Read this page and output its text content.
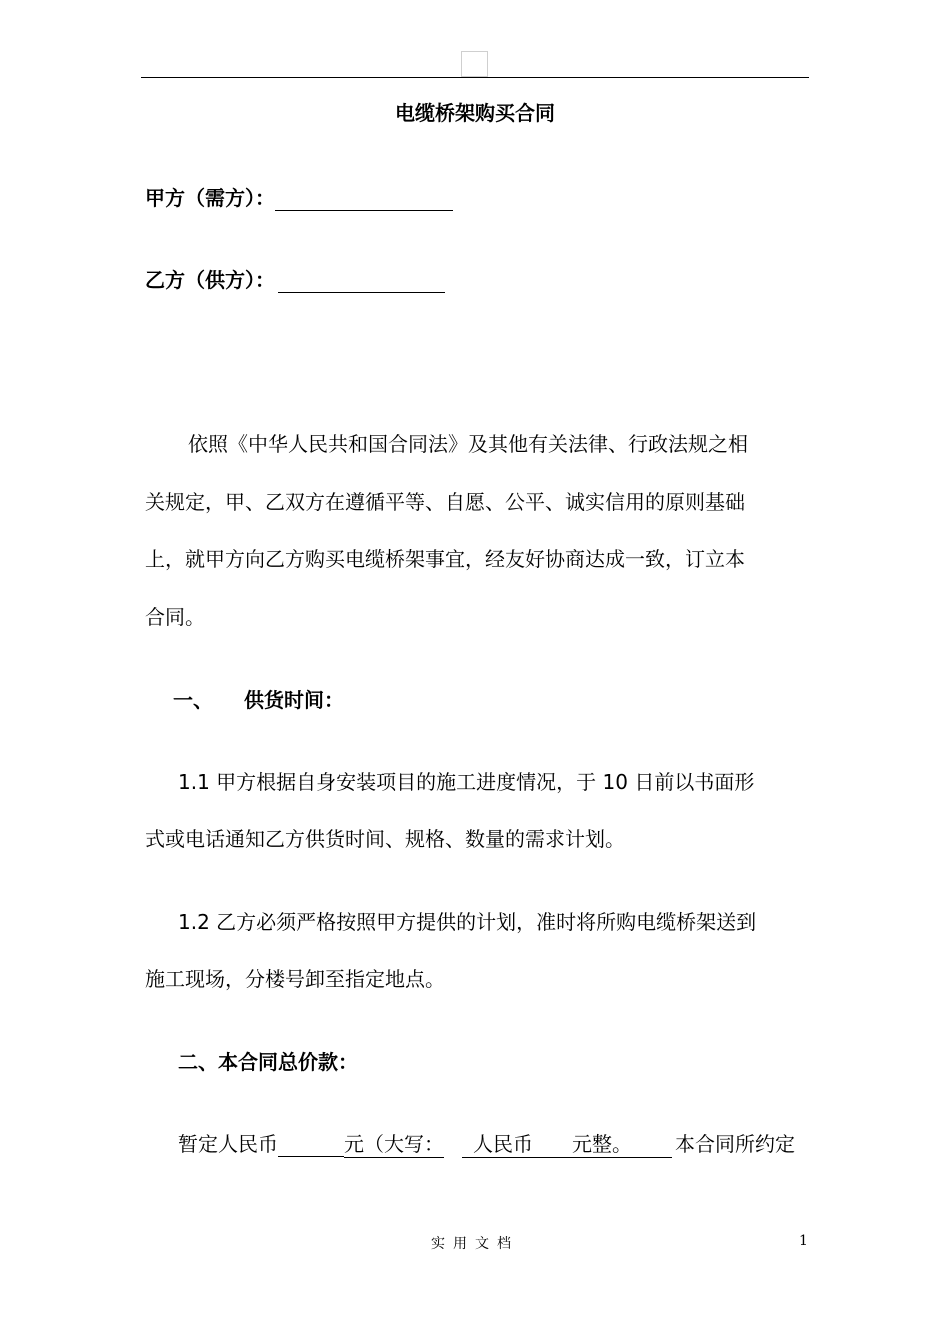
电缆桥架购买合同
甲方（需方）：
乙方（供方）：
依照《中华人民共和国合同法》及其他有关法律、行政法规之相
关规定，甲、乙双方在遵循平等、自愿、公平、诚实信用的原则基础
上，就甲方向乙方购买电缆桥架事宜，经友好协商达成一致，订立本
合同。
一、 供货时间：
1.1 甲方根据自身安装项目的施工进度情况，于 10 日前以书面形
式或电话通知乙方供货时间、规格、数量的需求计划。
1.2 乙方必须严格按照甲方提供的计划，准时将所购电缆桥架送到
施工现场，分楼号卸至指定地点。
二、本合同总价款：
暂定人民币	元（大写：	人民币 元整。	本合同所约定
实用文档	1
